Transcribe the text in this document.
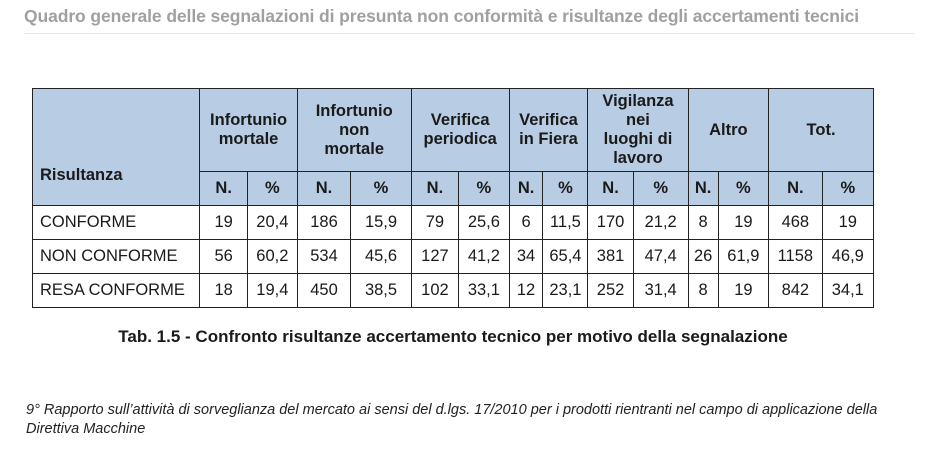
Quadro generale delle segnalazioni di presunta non conformità e risultanze degli accertamenti tecnici
Risultanza	Infortunio mortale		Infortunio non mortale		Verifica periodica		Verifica in Fiera		Vigilanza nei luoghi di lavoro		Altro		Tot.	
	N.	%	N.	%	N.	%	N.	%	N.	%	N.	%	N.	%
CONFORME	19	20,4	186	15,9	79	25,6	6	11,5	170	21,2	8	19	468	19
NON CONFORME	56	60,2	534	45,6	127	41,2	34	65,4	381	47,4	26	61,9	1158	46,9
RESA CONFORME	18	19,4	450	38,5	102	33,1	12	23,1	252	31,4	8	19	842	34,1
Tab. 1.5 - Confronto risultanze accertamento tecnico per motivo della segnalazione
9° Rapporto sull’attività di sorveglianza del mercato ai sensi del d.lgs. 17/2010 per i prodotti rientranti nel campo di applicazione della Direttiva Macchine
